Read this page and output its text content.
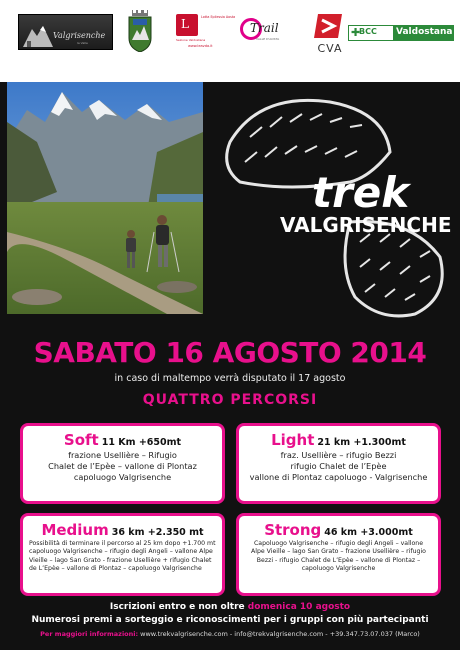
Valgrisenche
la Valle
L	Lotta Epilessia Aosta
Sezione Valdostana
www.leavda.it
Trail
VALLE D'AOSTA
CVA
✚
BCC Valdostana
trek
VALGRISENCHE
SABATO 16 AGOSTO 2014
in caso di maltempo verrà disputato il 17 agosto
QUATTRO PERCORSI
Soft 11 Km +650mt
frazione Usellière – Rifugio
Chalet de l’Epèe – vallone di Plontaz
capoluogo Valgrisenche
Light 21 km +1.300mt
fraz. Usellière – rifugio Bezzi
rifugio Chalet de l’Epèe
vallone di Plontaz capoluogo - Valgrisenche
Medium 36 km +2.350 mt
Possibilità di terminare il percorso al 25 km dopo +1.700 mt
capoluogo Valgrisenche – rifugio degli Angeli – vallone Alpe
Vieille – lago San Grato - frazione Usellière + rifugio Chalet
de L’Epèe – vallone di Plontaz – capoluogo Valgrisenche
Strong 46 km +3.000mt
Capoluogo Valgrisenche – rifugio degli Angeli – vallone
Alpe Vieille – lago San Grato – frazione Usellière – rifugio
Bezzi - rifugio Chalet de L’Epèe – vallone di Plontaz –
capoluogo Valgrisenche
Iscrizioni entro e non oltre domenica 10 agosto
Numerosi premi a sorteggio e riconoscimenti per i gruppi con più partecipanti
Per maggiori informazioni: www.trekvalgrisenche.com - info@trekvalgrisenche.com - +39.347.73.07.037 (Marco)
